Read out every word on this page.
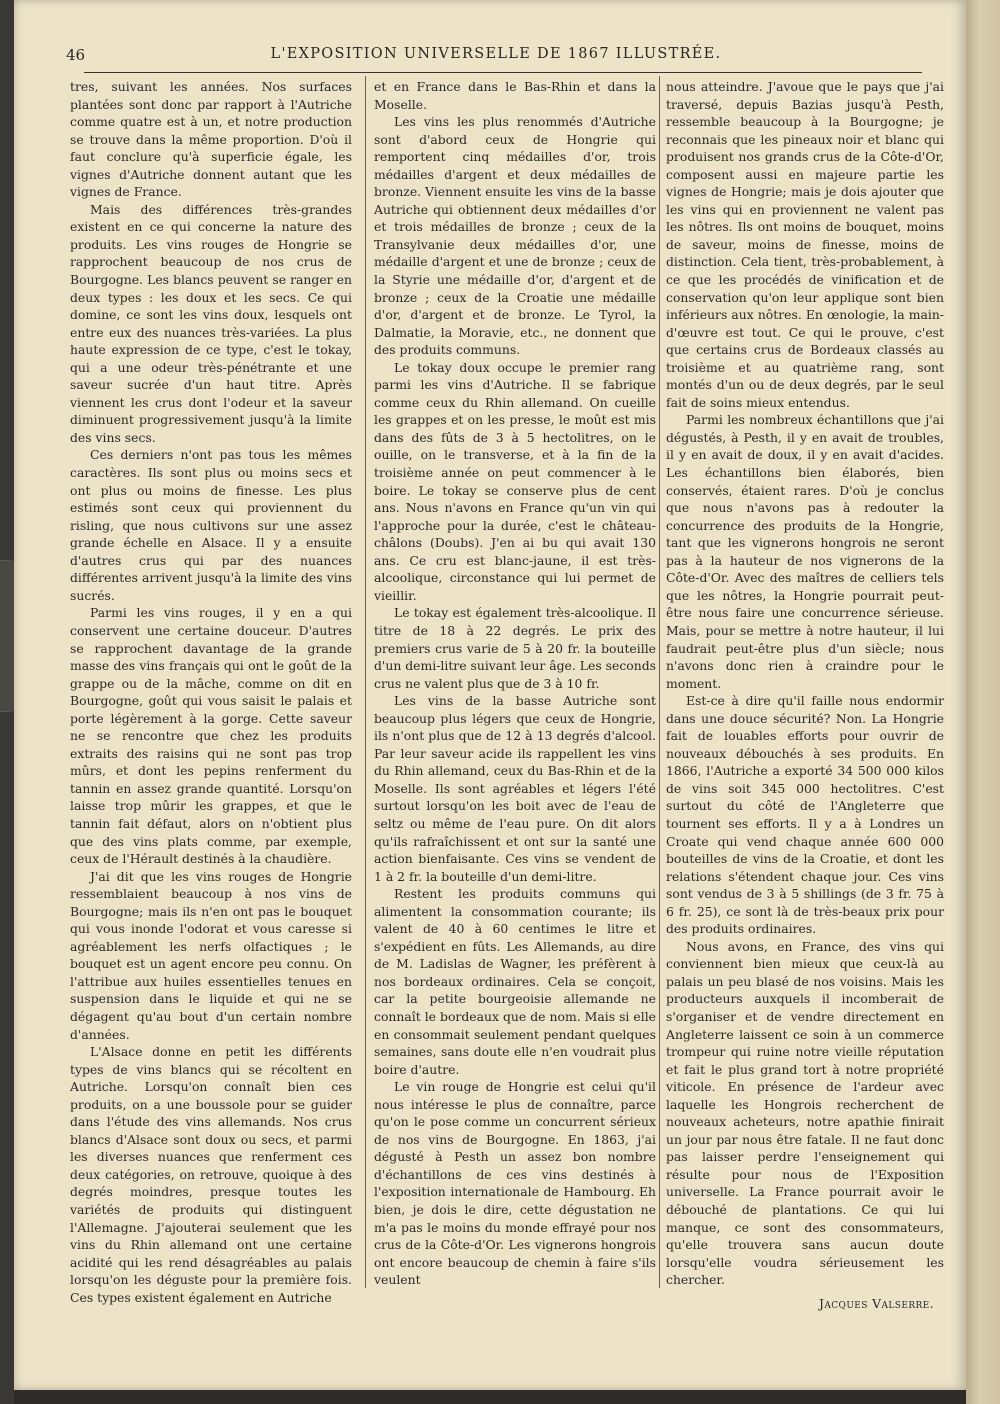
46	L'EXPOSITION UNIVERSELLE DE 1867 ILLUSTRÉE.

tres, suivant les années. Nos surfaces plantées sont donc par rapport à l'Autriche comme quatre est à un, et notre production se trouve dans la même proportion. D'où il faut conclure qu'à superficie égale, les vignes d'Autriche donnent autant que les vignes de France.

Mais des différences très-grandes existent en ce qui concerne la nature des produits. Les vins rouges de Hongrie se rapprochent beaucoup de nos crus de Bourgogne. Les blancs peuvent se ranger en deux types : les doux et les secs. Ce qui domine, ce sont les vins doux, lesquels ont entre eux des nuances très-variées. La plus haute expression de ce type, c'est le tokay, qui a une odeur très-pénétrante et une saveur sucrée d'un haut titre. Après viennent les crus dont l'odeur et la saveur diminuent progressivement jusqu'à la limite des vins secs.

Ces derniers n'ont pas tous les mêmes caractères. Ils sont plus ou moins secs et ont plus ou moins de finesse. Les plus estimés sont ceux qui proviennent du risling, que nous cultivons sur une assez grande échelle en Alsace. Il y a ensuite d'autres crus qui par des nuances différentes arrivent jusqu'à la limite des vins sucrés.

Parmi les vins rouges, il y en a qui conservent une certaine douceur. D'autres se rapprochent davantage de la grande masse des vins français qui ont le goût de la grappe ou de la mâche, comme on dit en Bourgogne, goût qui vous saisit le palais et porte légèrement à la gorge. Cette saveur ne se rencontre que chez les produits extraits des raisins qui ne sont pas trop mûrs, et dont les pepins renferment du tannin en assez grande quantité. Lorsqu'on laisse trop mûrir les grappes, et que le tannin fait défaut, alors on n'obtient plus que des vins plats comme, par exemple, ceux de l'Hérault destinés à la chaudière.

J'ai dit que les vins rouges de Hongrie ressemblaient beaucoup à nos vins de Bourgogne; mais ils n'en ont pas le bouquet qui vous inonde l'odorat et vous caresse si agréablement les nerfs olfactiques ; le bouquet est un agent encore peu connu. On l'attribue aux huiles essentielles tenues en suspension dans le liquide et qui ne se dégagent qu'au bout d'un certain nombre d'années.

L'Alsace donne en petit les différents types de vins blancs qui se récoltent en Autriche. Lorsqu'on connaît bien ces produits, on a une boussole pour se guider dans l'étude des vins allemands. Nos crus blancs d'Alsace sont doux ou secs, et parmi les diverses nuances que renferment ces deux catégories, on retrouve, quoique à des degrés moindres, presque toutes les variétés de produits qui distinguent l'Allemagne. J'ajouterai seulement que les vins du Rhin allemand ont une certaine acidité qui les rend désagréables au palais lorsqu'on les déguste pour la première fois. Ces types existent également en Autriche

et en France dans le Bas-Rhin et dans la Moselle.

Les vins les plus renommés d'Autriche sont d'abord ceux de Hongrie qui remportent cinq médailles d'or, trois médailles d'argent et deux médailles de bronze. Viennent ensuite les vins de la basse Autriche qui obtiennent deux médailles d'or et trois médailles de bronze ; ceux de la Transylvanie deux médailles d'or, une médaille d'argent et une de bronze ; ceux de la Styrie une médaille d'or, d'argent et de bronze ; ceux de la Croatie une médaille d'or, d'argent et de bronze. Le Tyrol, la Dalmatie, la Moravie, etc., ne donnent que des produits communs.

Le tokay doux occupe le premier rang parmi les vins d'Autriche. Il se fabrique comme ceux du Rhin allemand. On cueille les grappes et on les presse, le moût est mis dans des fûts de 3 à 5 hectolitres, on le ouille, on le transverse, et à la fin de la troisième année on peut commencer à le boire. Le tokay se conserve plus de cent ans. Nous n'avons en France qu'un vin qui l'approche pour la durée, c'est le château-châlons (Doubs). J'en ai bu qui avait 130 ans. Ce cru est blanc-jaune, il est très-alcoolique, circonstance qui lui permet de vieillir.

Le tokay est également très-alcoolique. Il titre de 18 à 22 degrés. Le prix des premiers crus varie de 5 à 20 fr. la bouteille d'un demi-litre suivant leur âge. Les seconds crus ne valent plus que de 3 à 10 fr.

Les vins de la basse Autriche sont beaucoup plus légers que ceux de Hongrie, ils n'ont plus que de 12 à 13 degrés d'alcool. Par leur saveur acide ils rappellent les vins du Rhin allemand, ceux du Bas-Rhin et de la Moselle. Ils sont agréables et légers l'été surtout lorsqu'on les boit avec de l'eau de seltz ou même de l'eau pure. On dit alors qu'ils rafraîchissent et ont sur la santé une action bienfaisante. Ces vins se vendent de 1 à 2 fr. la bouteille d'un demi-litre.

Restent les produits communs qui alimentent la consommation courante; ils valent de 40 à 60 centimes le litre et s'expédient en fûts. Les Allemands, au dire de M. Ladislas de Wagner, les préfèrent à nos bordeaux ordinaires. Cela se conçoit, car la petite bourgeoisie allemande ne connaît le bordeaux que de nom. Mais si elle en consommait seulement pendant quelques semaines, sans doute elle n'en voudrait plus boire d'autre.

Le vin rouge de Hongrie est celui qu'il nous intéresse le plus de connaître, parce qu'on le pose comme un concurrent sérieux de nos vins de Bourgogne. En 1863, j'ai dégusté à Pesth un assez bon nombre d'échantillons de ces vins destinés à l'exposition internationale de Hambourg. Eh bien, je dois le dire, cette dégustation ne m'a pas le moins du monde effrayé pour nos crus de la Côte-d'Or. Les vignerons hongrois ont encore beaucoup de chemin à faire s'ils veulent

nous atteindre. J'avoue que le pays que j'ai traversé, depuis Bazias jusqu'à Pesth, ressemble beaucoup à la Bourgogne; je reconnais que les pineaux noir et blanc qui produisent nos grands crus de la Côte-d'Or, composent aussi en majeure partie les vignes de Hongrie; mais je dois ajouter que les vins qui en proviennent ne valent pas les nôtres. Ils ont moins de bouquet, moins de saveur, moins de finesse, moins de distinction. Cela tient, très-probablement, à ce que les procédés de vinification et de conservation qu'on leur applique sont bien inférieurs aux nôtres. En œnologie, la main-d'œuvre est tout. Ce qui le prouve, c'est que certains crus de Bordeaux classés au troisième et au quatrième rang, sont montés d'un ou de deux degrés, par le seul fait de soins mieux entendus.

Parmi les nombreux échantillons que j'ai dégustés, à Pesth, il y en avait de troubles, il y en avait de doux, il y en avait d'acides. Les échantillons bien élaborés, bien conservés, étaient rares. D'où je conclus que nous n'avons pas à redouter la concurrence des produits de la Hongrie, tant que les vignerons hongrois ne seront pas à la hauteur de nos vignerons de la Côte-d'Or. Avec des maîtres de celliers tels que les nôtres, la Hongrie pourrait peut-être nous faire une concurrence sérieuse. Mais, pour se mettre à notre hauteur, il lui faudrait peut-être plus d'un siècle; nous n'avons donc rien à craindre pour le moment.

Est-ce à dire qu'il faille nous endormir dans une douce sécurité? Non. La Hongrie fait de louables efforts pour ouvrir de nouveaux débouchés à ses produits. En 1866, l'Autriche a exporté 34 500 000 kilos de vins soit 345 000 hectolitres. C'est surtout du côté de l'Angleterre que tournent ses efforts. Il y a à Londres un Croate qui vend chaque année 600 000 bouteilles de vins de la Croatie, et dont les relations s'étendent chaque jour. Ces vins sont vendus de 3 à 5 shillings (de 3 fr. 75 à 6 fr. 25), ce sont là de très-beaux prix pour des produits ordinaires.

Nous avons, en France, des vins qui conviennent bien mieux que ceux-là au palais un peu blasé de nos voisins. Mais les producteurs auxquels il incomberait de s'organiser et de vendre directement en Angleterre laissent ce soin à un commerce trompeur qui ruine notre vieille réputation et fait le plus grand tort à notre propriété viticole. En présence de l'ardeur avec laquelle les Hongrois recherchent de nouveaux acheteurs, notre apathie finirait un jour par nous être fatale. Il ne faut donc pas laisser perdre l'enseignement qui résulte pour nous de l'Exposition universelle. La France pourrait avoir le débouché de plantations. Ce qui lui manque, ce sont des consommateurs, qu'elle trouvera sans aucun doute lorsqu'elle voudra sérieusement les chercher.

Jacques Valserre.
